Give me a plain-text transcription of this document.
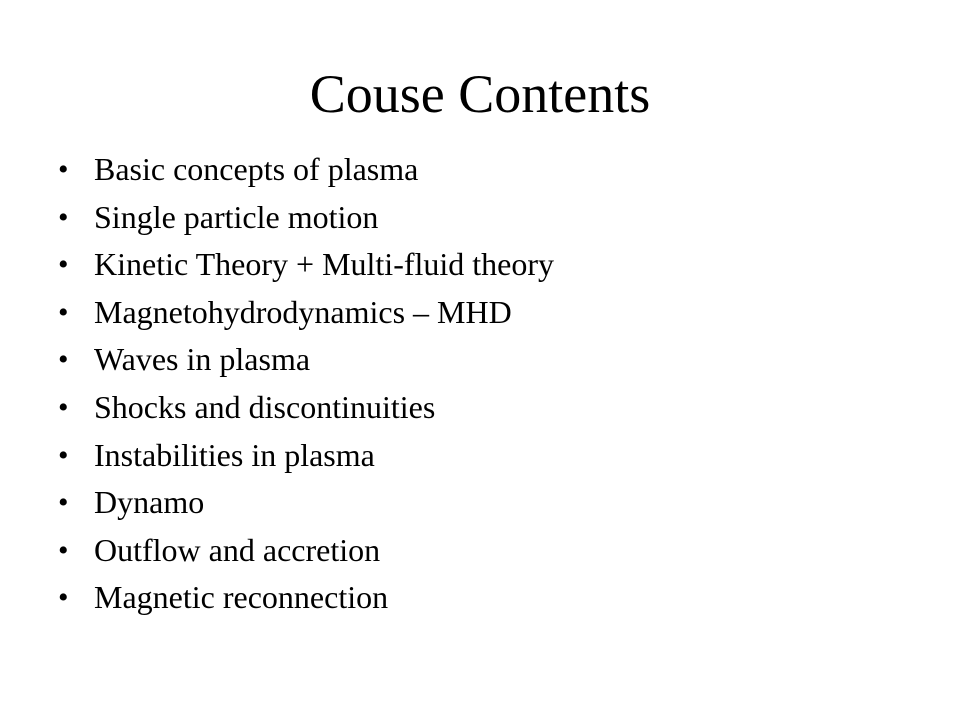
Couse Contents
• Basic concepts of plasma
• Single particle motion
• Kinetic Theory + Multi-fluid theory
• Magnetohydrodynamics – MHD
• Waves in plasma
• Shocks and discontinuities
• Instabilities in plasma
• Dynamo
• Outflow and accretion
• Magnetic reconnection
